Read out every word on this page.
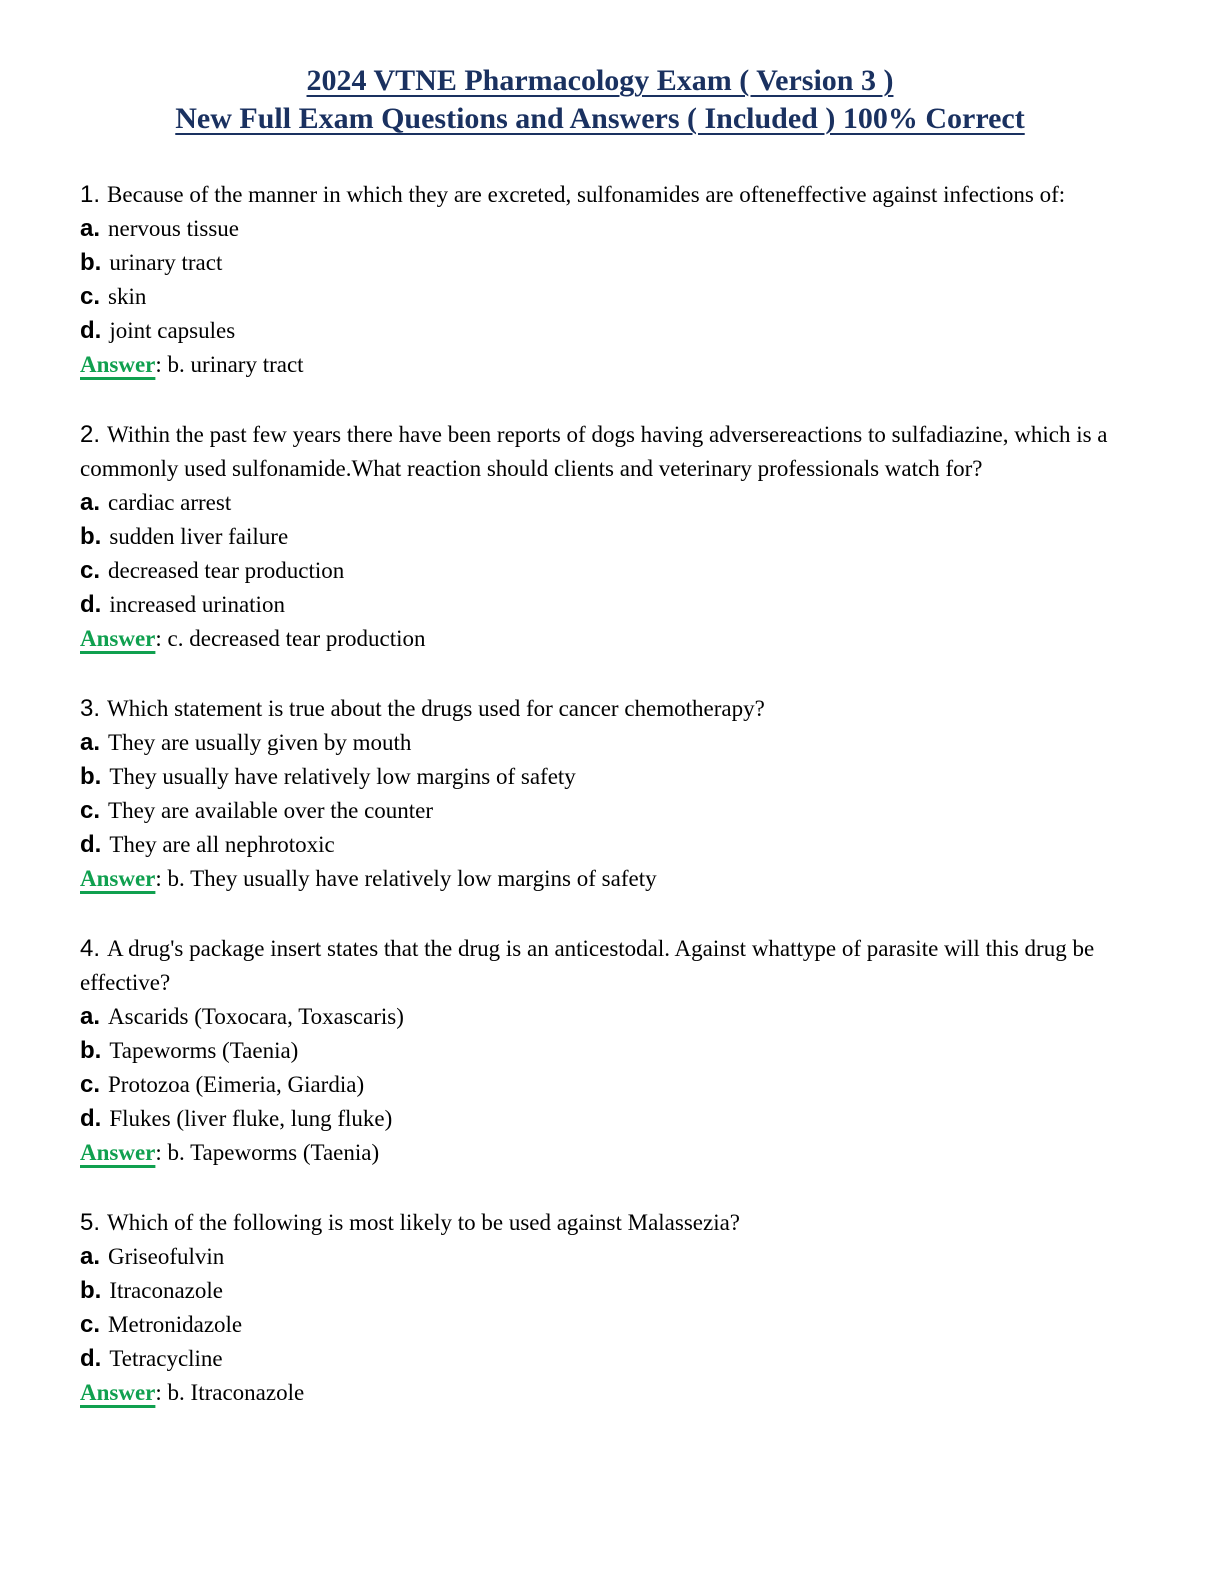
2024 VTNE Pharmacology Exam ( Version 3 )
New Full Exam Questions and Answers ( Included ) 100% Correct

1. Because of the manner in which they are excreted, sulfonamides are ofteneffective against infections of:

a. nervous tissue

b. urinary tract

c. skin

d. joint capsules

Answer: b. urinary tract

2. Within the past few years there have been reports of dogs having adversereactions to sulfadiazine, which is a commonly used sulfonamide.What reaction should clients and veterinary professionals watch for?

a. cardiac arrest

b. sudden liver failure

c. decreased tear production

d. increased urination

Answer: c. decreased tear production

3. Which statement is true about the drugs used for cancer chemotherapy?

a. They are usually given by mouth

b. They usually have relatively low margins of safety

c. They are available over the counter

d. They are all nephrotoxic

Answer: b. They usually have relatively low margins of safety

4. A drug's package insert states that the drug is an anticestodal. Against whattype of parasite will this drug be effective?

a. Ascarids (Toxocara, Toxascaris)

b. Tapeworms (Taenia)

c. Protozoa (Eimeria, Giardia)

d. Flukes (liver fluke, lung fluke)

Answer: b. Tapeworms (Taenia)

5. Which of the following is most likely to be used against Malassezia?

a. Griseofulvin

b. Itraconazole

c. Metronidazole

d. Tetracycline

Answer: b. Itraconazole
